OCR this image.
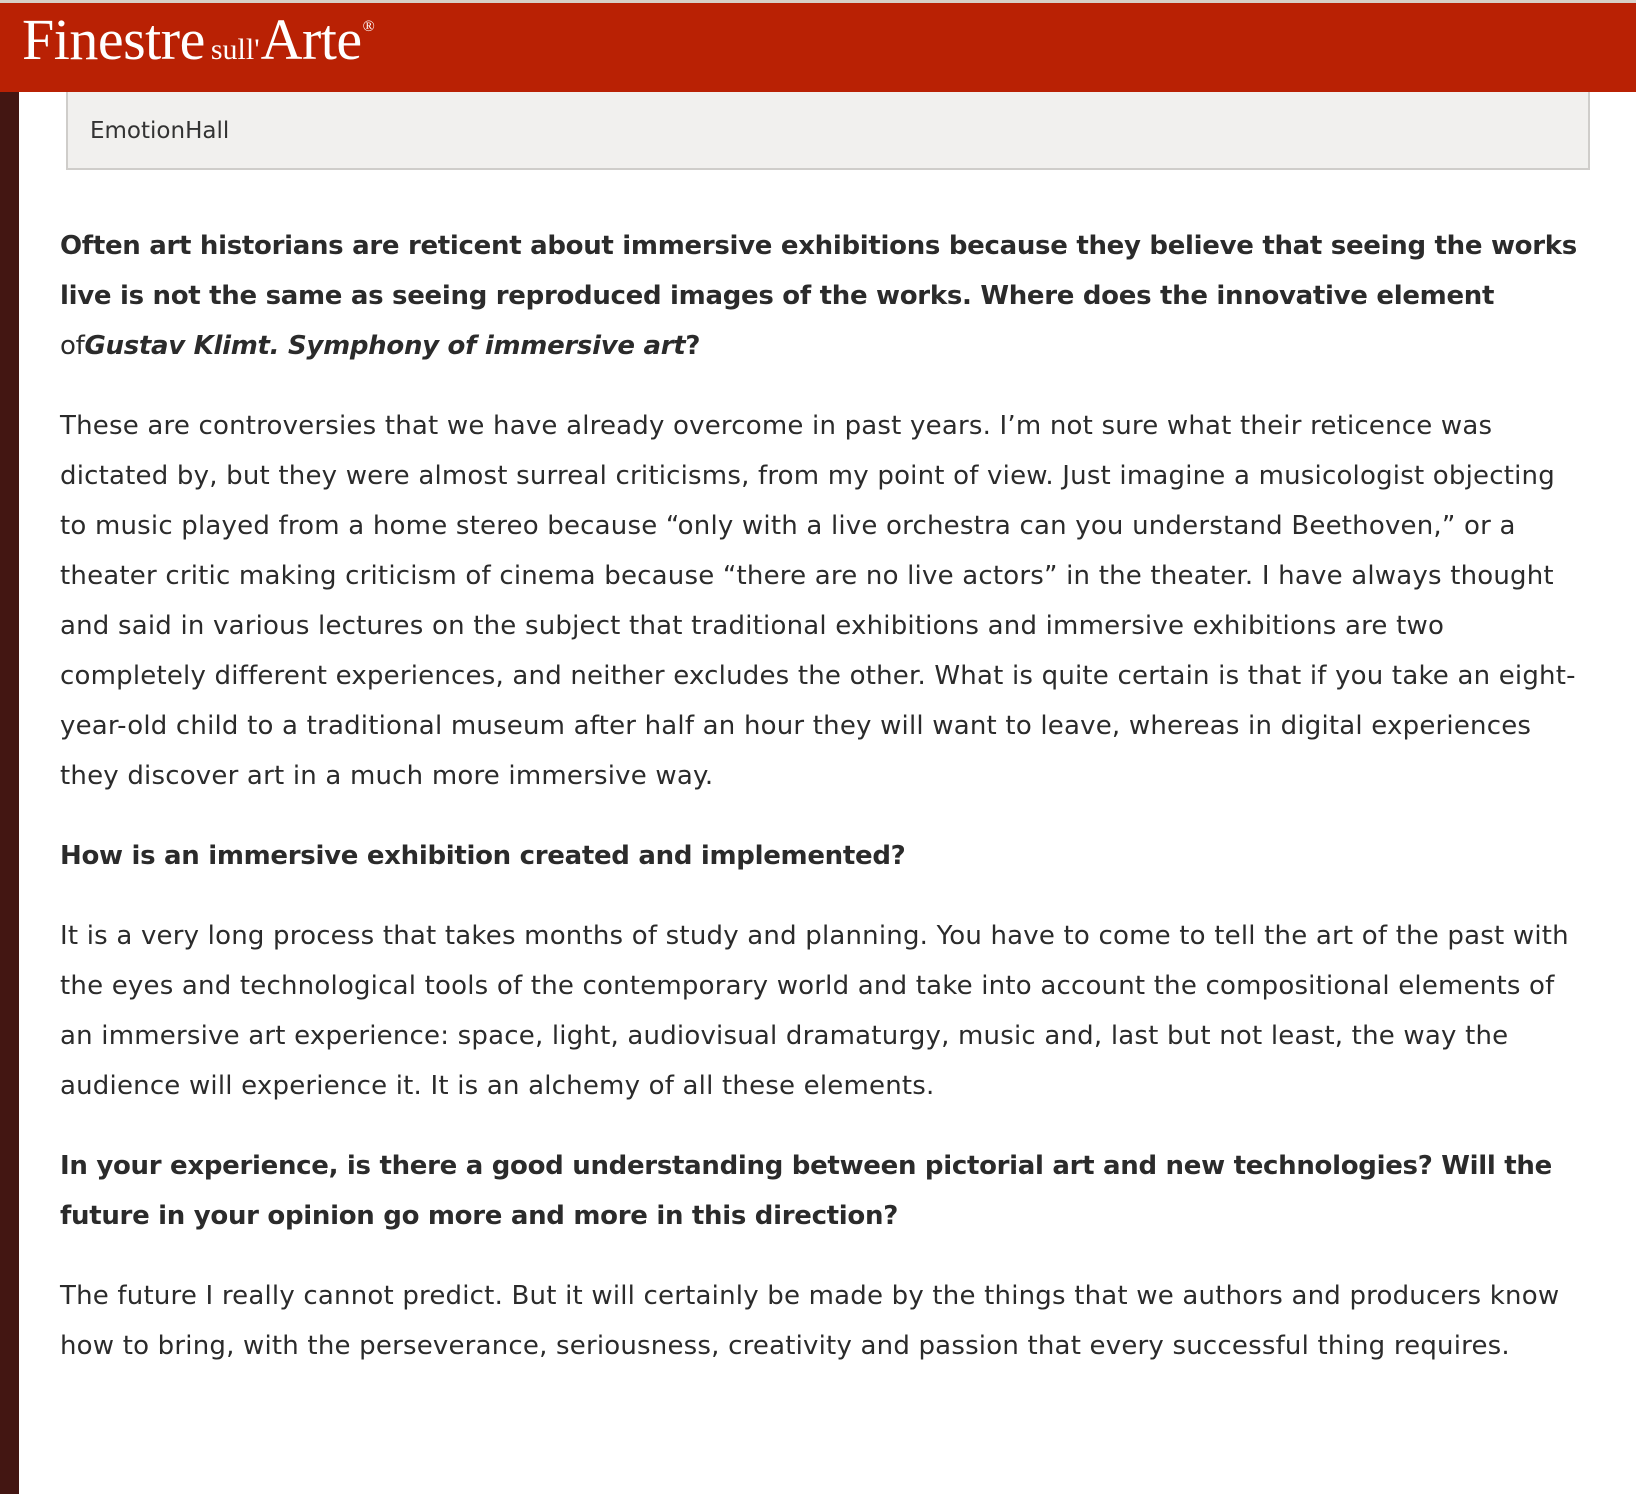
Finestre sull'Arte®
EmotionHall

Often art historians are reticent about immersive exhibitions because they believe that seeing the works live is not the same as seeing reproduced images of the works. Where does the innovative element ofGustav Klimt. Symphony of immersive art?

These are controversies that we have already overcome in past years. I’m not sure what their reticence was dictated by, but they were almost surreal criticisms, from my point of view. Just imagine a musicologist objecting to music played from a home stereo because “only with a live orchestra can you understand Beethoven,” or a theater critic making criticism of cinema because “there are no live actors” in the theater. I have always thought and said in various lectures on the subject that traditional exhibitions and immersive exhibitions are two completely different experiences, and neither excludes the other. What is quite certain is that if you take an eight-year-old child to a traditional museum after half an hour they will want to leave, whereas in digital experiences they discover art in a much more immersive way.

How is an immersive exhibition created and implemented?

It is a very long process that takes months of study and planning. You have to come to tell the art of the past with the eyes and technological tools of the contemporary world and take into account the compositional elements of an immersive art experience: space, light, audiovisual dramaturgy, music and, last but not least, the way the audience will experience it. It is an alchemy of all these elements.

In your experience, is there a good understanding between pictorial art and new technologies? Will the future in your opinion go more and more in this direction?

The future I really cannot predict. But it will certainly be made by the things that we authors and producers know how to bring, with the perseverance, seriousness, creativity and passion that every successful thing requires.
